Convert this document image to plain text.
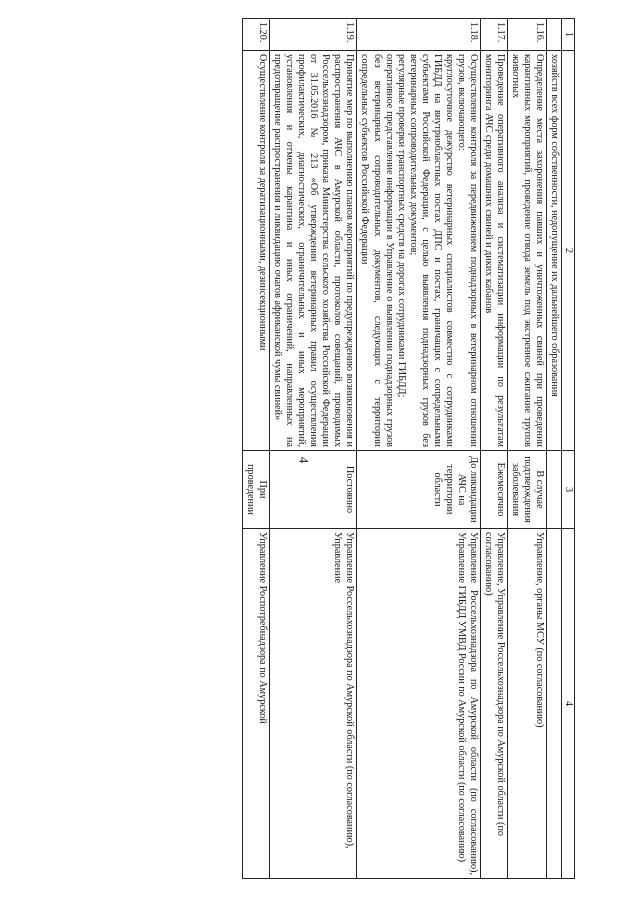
4
1	2	3	4
	хозяйств всех форм собственности, недопущение их дальнейшего образования		
1.16.	Определение места захоронения павших и уничтоженных свиней при проведении карантинных мероприятий, проведение отвода земель под экстренное сжигание трупов животных	В случае подтверждения заболевания	Управление, органы МСУ (по согласованию)
1.17.	Проведение оперативного анализа и систематизации информации по результатам мониторинга АЧС среди домашних свиней и диких кабанов	Ежемесячно	Управление, Управление Россельхознадзора по Амурской области (по согласованию)
1.18.	Осуществление контроля за передвижением поднадзорных в ветеринарном отношении грузов, включающего:
круглосуточное дежурство ветеринарных специалистов совместно с сотрудниками ГИБДД на внутриобластных постах ДПС и постах, граничащих с сопредельными субъектами Российской Федерации, с целью выявления поднадзорных грузов без ветеринарных сопроводительных документов;
регулярные проверки транспортных средств на дорогах сотрудниками ГИБДД;
оперативное представление информации в Управление о выявлении поднадзорных грузов без ветеринарных сопроводительных документов, следующих с территории сопредельных субъектов Российской Федерации	До ликвидации АЧС на территории области	Управление Россельхознадзора по Амурской области (по согласованию), Управление ГИБДД УМВД России по Амурской области (по согласованию)
1.19.	Принятие мер по выполнению планов мероприятий по предупреждению возникновения и распространения АЧС в Амурской области, протоколов совещаний, проводимых Россельхознадзором, приказа Министерства сельского хозяйства Российской Федерации от 31.05.2016 № 213 «Об утверждении ветеринарных правил осуществления профилактических, диагностических, ограничительных и иных мероприятий, установления и отмены карантина и иных ограничений, направленных на предотвращение распространения и ликвидацию очагов африканской чумы свиней»	Постоянно	Управление Россельхознадзора по Амурской области (по согласованию), Управление
1.20.	Осуществление контроля за дератизационными, дезинсекционными	При проведении	Управление Роспотребнадзора по Амурской
